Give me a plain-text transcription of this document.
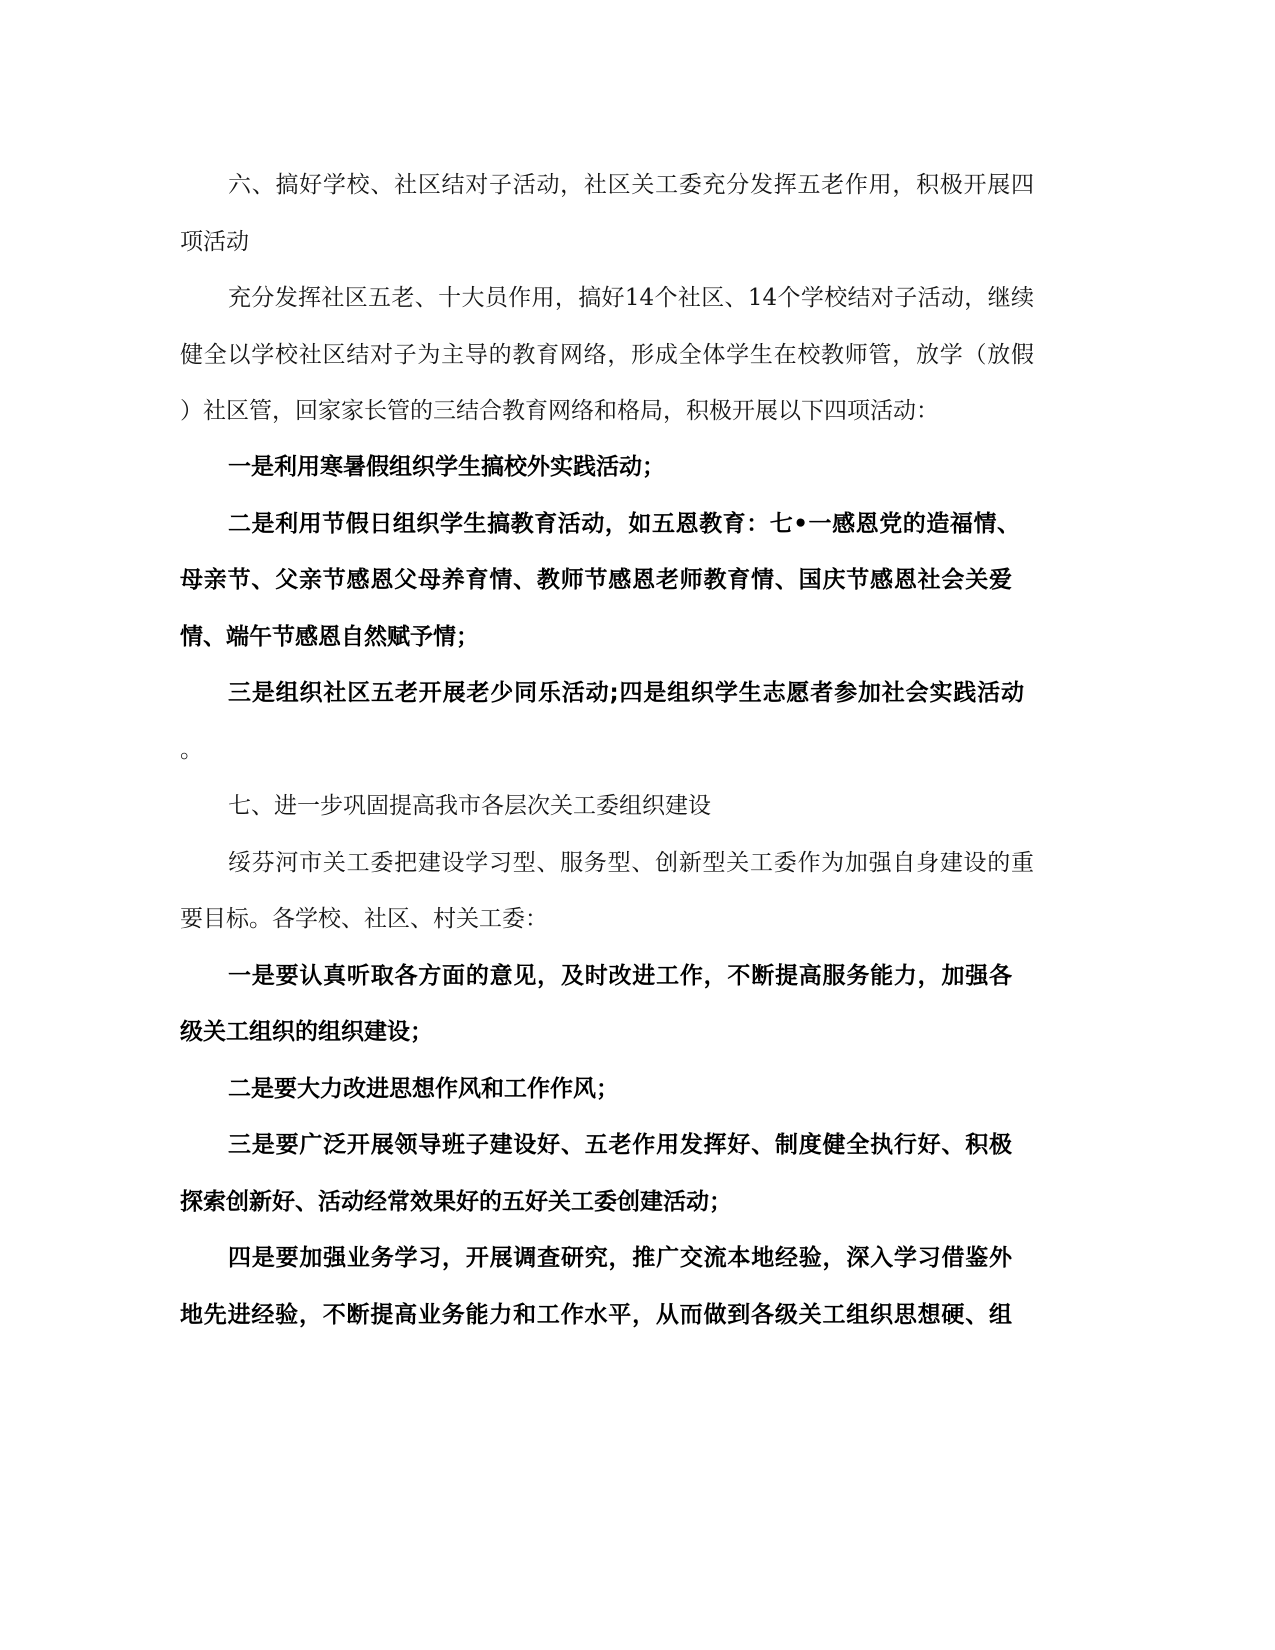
六、搞好学校、社区结对子活动，社区关工委充分发挥五老作用，积极开展四
项活动
充分发挥社区五老、十大员作用，搞好14个社区、14个学校结对子活动，继续
健全以学校社区结对子为主导的教育网络，形成全体学生在校教师管，放学（放假
）社区管，回家家长管的三结合教育网络和格局，积极开展以下四项活动：
一是利用寒暑假组织学生搞校外实践活动；
二是利用节假日组织学生搞教育活动，如五恩教育：七•一感恩党的造福情、
母亲节、父亲节感恩父母养育情、教师节感恩老师教育情、国庆节感恩社会关爱
情、端午节感恩自然赋予情；
三是组织社区五老开展老少同乐活动;四是组织学生志愿者参加社会实践活动
。
七、进一步巩固提高我市各层次关工委组织建设
绥芬河市关工委把建设学习型、服务型、创新型关工委作为加强自身建设的重
要目标。各学校、社区、村关工委：
一是要认真听取各方面的意见，及时改进工作，不断提高服务能力，加强各
级关工组织的组织建设；
二是要大力改进思想作风和工作作风；
三是要广泛开展领导班子建设好、五老作用发挥好、制度健全执行好、积极
探索创新好、活动经常效果好的五好关工委创建活动；
四是要加强业务学习，开展调查研究，推广交流本地经验，深入学习借鉴外
地先进经验，不断提高业务能力和工作水平，从而做到各级关工组织思想硬、组
